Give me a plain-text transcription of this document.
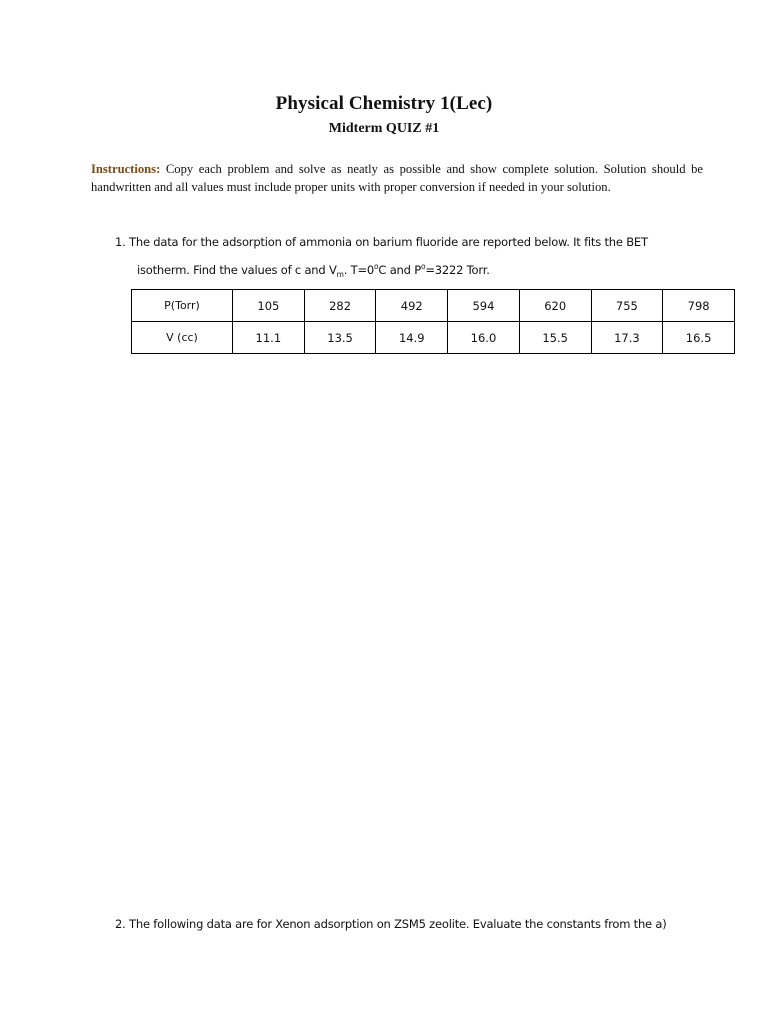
Physical Chemistry 1(Lec)
Midterm QUIZ #1
Instructions: Copy each problem and solve as neatly as possible and show complete solution. Solution should be handwritten and all values must include proper units with proper conversion if needed in your solution.
1. The data for the adsorption of ammonia on barium fluoride are reported below. It fits the BET
isotherm. Find the values of c and $V_m$. $T=0^oC$ and $P^o=3222$ Torr.
P(Torr)	105	282	492	594	620	755	798
V (cc)	11.1	13.5	14.9	16.0	15.5	17.3	16.5
2. The following data are for Xenon adsorption on ZSM5 zeolite. Evaluate the constants from the a)
